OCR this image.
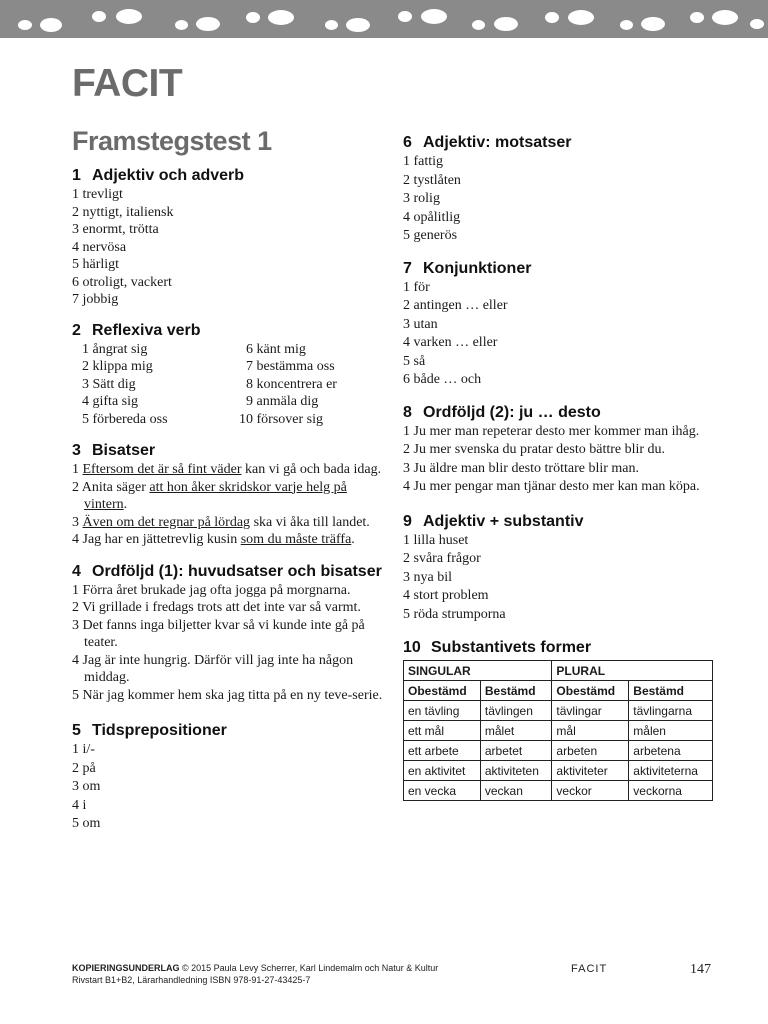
FACIT
Framstegstest 1
1 Adjektiv och adverb
1 trevligt
2 nyttigt, italiensk
3 enormt, trötta
4 nervösa
5 härligt
6 otroligt, vackert
7 jobbig
2 Reflexiva verb
1 ångrat sig
2 klippa mig
3 Sätt dig
4 gifta sig
5 förbereda oss
6 känt mig
7 bestämma oss
8 koncentrera er
9 anmäla dig
10 försover sig
3 Bisatser
1 Eftersom det är så fint väder kan vi gå och bada idag.
2 Anita säger att hon åker skridskor varje helg på vintern.
3 Även om det regnar på lördag ska vi åka till landet.
4 Jag har en jättetrevlig kusin som du måste träffa.
4 Ordföljd (1): huvudsatser och bisatser
1 Förra året brukade jag ofta jogga på morgnarna.
2 Vi grillade i fredags trots att det inte var så varmt.
3 Det fanns inga biljetter kvar så vi kunde inte gå på teater.
4 Jag är inte hungrig. Därför vill jag inte ha någon middag.
5 När jag kommer hem ska jag titta på en ny teve-serie.
5 Tidsprepositioner
1 i/-
2 på
3 om
4 i
5 om
6 Adjektiv: motsatser
1 fattig
2 tystlåten
3 rolig
4 opålitlig
5 generös
7 Konjunktioner
1 för
2 antingen … eller
3 utan
4 varken … eller
5 så
6 både … och
8 Ordföljd (2): ju … desto
1 Ju mer man repeterar desto mer kommer man ihåg.
2 Ju mer svenska du pratar desto bättre blir du.
3 Ju äldre man blir desto tröttare blir man.
4 Ju mer pengar man tjänar desto mer kan man köpa.
9 Adjektiv + substantiv
1 lilla huset
2 svåra frågor
3 nya bil
4 stort problem
5 röda strumporna
10 Substantivets former
SINGULAR		PLURAL	
Obestämd	Bestämd	Obestämd	Bestämd
en tävling	tävlingen	tävlingar	tävlingarna
ett mål	målet	mål	målen
ett arbete	arbetet	arbeten	arbetena
en aktivitet	aktiviteten	aktiviteter	aktiviteterna
en vecka	veckan	veckor	veckorna
KOPIERINGSUNDERLAG © 2015 Paula Levy Scherrer, Karl Lindemalm och Natur & Kultur
Rivstart B1+B2, Lärarhandledning ISBN 978-91-27-43425-7
FACIT	147
